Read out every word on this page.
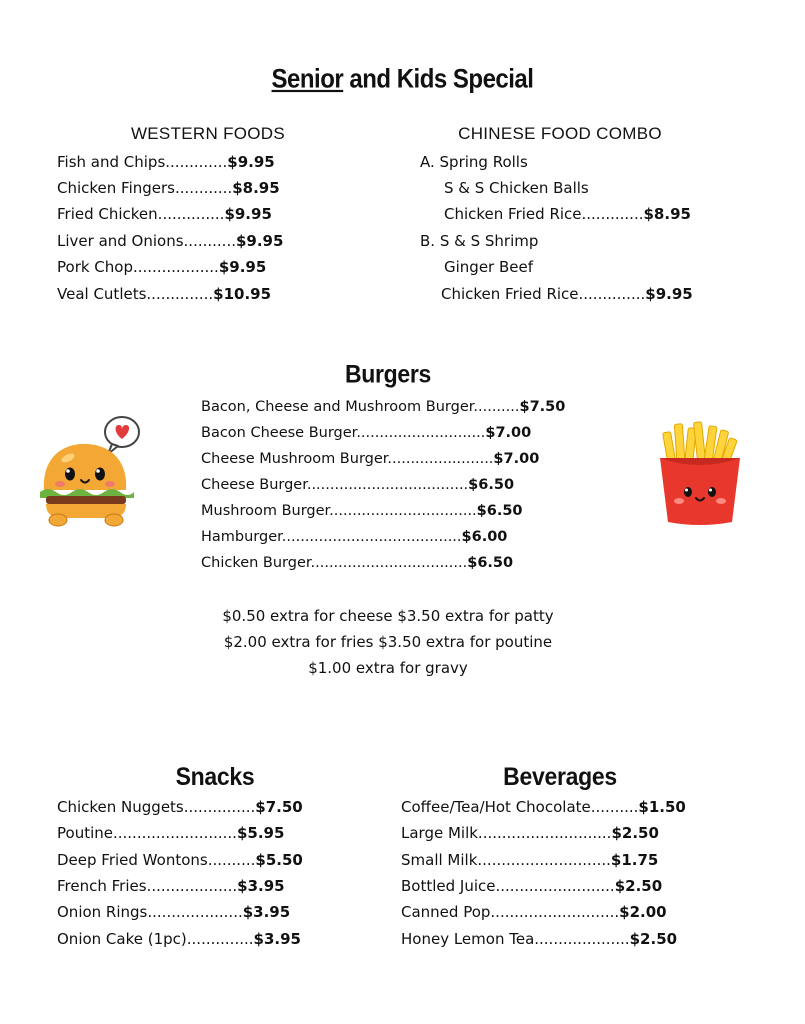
Senior and Kids Special
WESTERN FOODS
Fish and Chips.............$9.95
Chicken Fingers............$8.95
Fried Chicken..............$9.95
Liver and Onions...........$9.95
Pork Chop..................$9.95
Veal Cutlets..............$10.95
CHINESE FOOD COMBO
A. Spring Rolls
S & S Chicken Balls
Chicken Fried Rice.............$8.95
B. S & S Shrimp
Ginger Beef
Chicken Fried Rice..............$9.95
Burgers
Bacon, Cheese and Mushroom Burger..........$7.50
Bacon Cheese Burger............................$7.00
Cheese Mushroom Burger.......................$7.00
Cheese Burger...................................$6.50
Mushroom Burger................................$6.50
Hamburger.......................................$6.00
Chicken Burger..................................$6.50
$0.50 extra for cheese $3.50 extra for patty
$2.00 extra for fries $3.50 extra for poutine
$1.00 extra for gravy
Snacks
Chicken Nuggets...............$7.50
Poutine..........................$5.95
Deep Fried Wontons..........$5.50
French Fries...................$3.95
Onion Rings....................$3.95
Onion Cake (1pc)..............$3.95
Beverages
Coffee/Tea/Hot Chocolate..........$1.50
Large Milk............................$2.50
Small Milk............................$1.75
Bottled Juice.........................$2.50
Canned Pop...........................$2.00
Honey Lemon Tea....................$2.50
